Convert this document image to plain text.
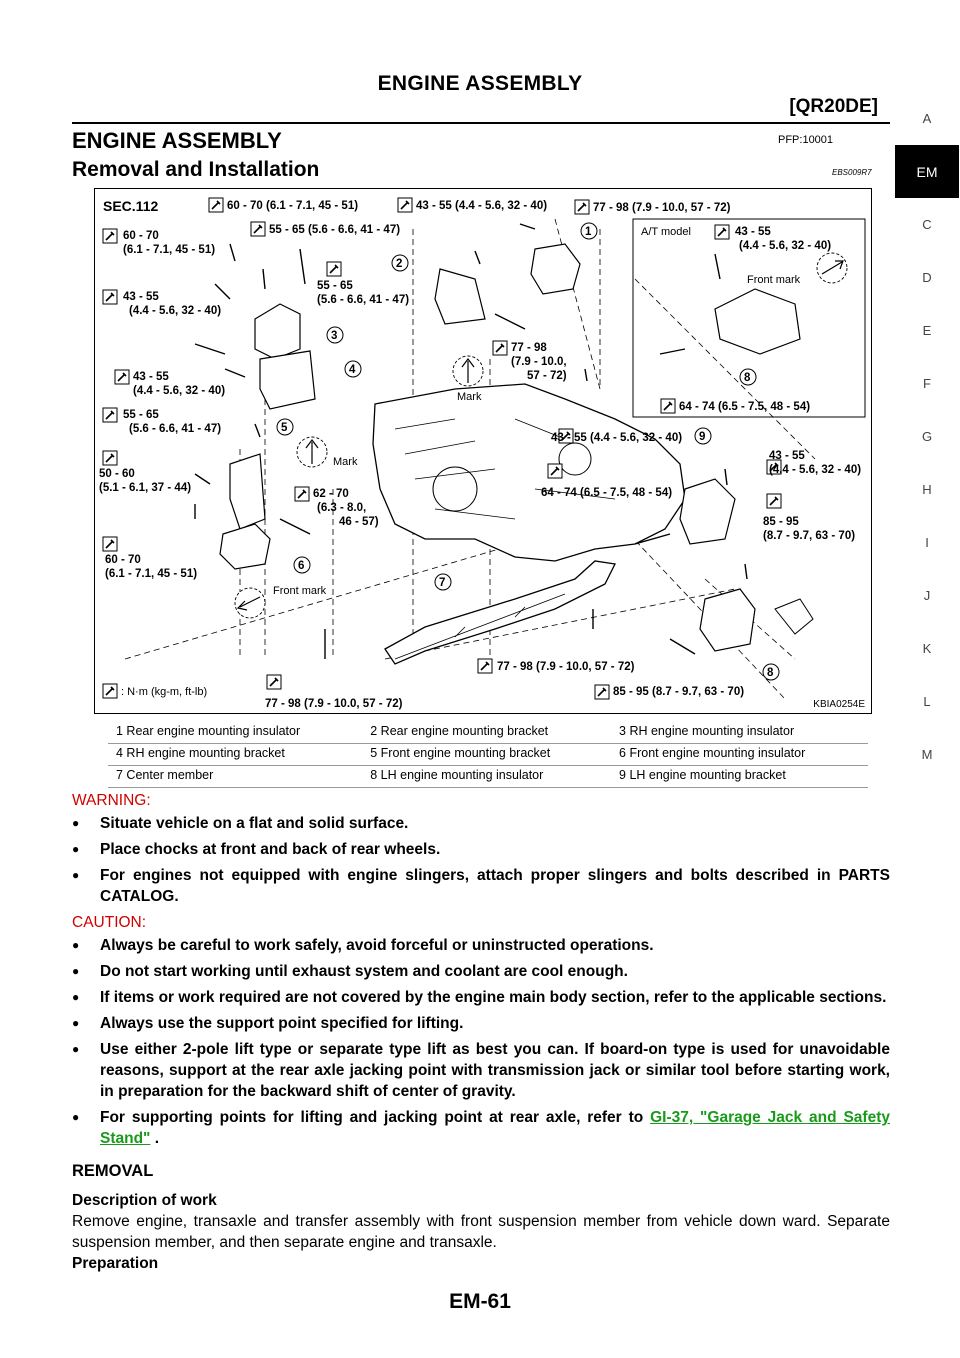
ENGINE ASSEMBLY
[QR20DE]
ENGINE ASSEMBLY	PFP:10001
Removal and Installation	EBS009R7
A
EM
C
D
E
F
G
H
I
J
K
L
M
1
2
3
4
5
6
7
8
9
8
Mark
Mark
Front mark
Front mark
A/T model
SEC.112	60 - 70 (6.1 - 7.1, 45 - 51)	43 - 55 (4.4 - 5.6, 32 - 40)	77 - 98 (7.9 - 10.0, 57 - 72)
60 - 70
(6.1 - 7.1, 45 - 51)
55 - 65 (5.6 - 6.6, 41 - 47)
55 - 65
(5.6 - 6.6, 41 - 47)
43 - 55
(4.4 - 5.6, 32 - 40)
43 - 55
(4.4 - 5.6, 32 - 40)
55 - 65
(5.6 - 6.6, 41 - 47)
50 - 60
(5.1 - 6.1, 37 - 44)
60 - 70
(6.1 - 7.1, 45 - 51)
77 - 98
(7.9 - 10.0,
57 - 72)
43 - 55 (4.4 - 5.6, 32 - 40)
64 - 74 (6.5 - 7.5, 48 - 54)
62 - 70
(6.3 - 8.0,
46 - 57)
77 - 98 (7.9 - 10.0, 57 - 72)
85 - 95 (8.7 - 9.7, 63 - 70)
77 - 98 (7.9 - 10.0, 57 - 72)
43 - 55
(4.4 - 5.6, 32 - 40)
85 - 95
(8.7 - 9.7, 63 - 70)
43 - 55
(4.4 - 5.6, 32 - 40)
64 - 74 (6.5 - 7.5, 48 - 54)
: N·m (kg-m, ft-lb)
KBIA0254E
1 Rear engine mounting insulator	2 Rear engine mounting bracket	3 RH engine mounting insulator
4 RH engine mounting bracket	5 Front engine mounting bracket	6 Front engine mounting insulator
7 Center member	8 LH engine mounting insulator	9 LH engine mounting bracket

WARNING:

● Situate vehicle on a flat and solid surface.
● Place chocks at front and back of rear wheels.
● For engines not equipped with engine slingers, attach proper slingers and bolts described in PARTS CATALOG.

CAUTION:

● Always be careful to work safely, avoid forceful or uninstructed operations.
● Do not start working until exhaust system and coolant are cool enough.
● If items or work required are not covered by the engine main body section, refer to the applicable sections.
● Always use the support point specified for lifting.
● Use either 2-pole lift type or separate type lift as best you can. If board-on type is used for unavoidable reasons, support at the rear axle jacking point with transmission jack or similar tool before starting work, in preparation for the backward shift of center of gravity.
● For supporting points for lifting and jacking point at rear axle, refer to GI-37, "Garage Jack and Safety Stand" .
REMOVAL

Description of work

Remove engine, transaxle and transfer assembly with front suspension member from vehicle down ward. Separate suspension member, and then separate engine and transaxle.

Preparation

EM-61
